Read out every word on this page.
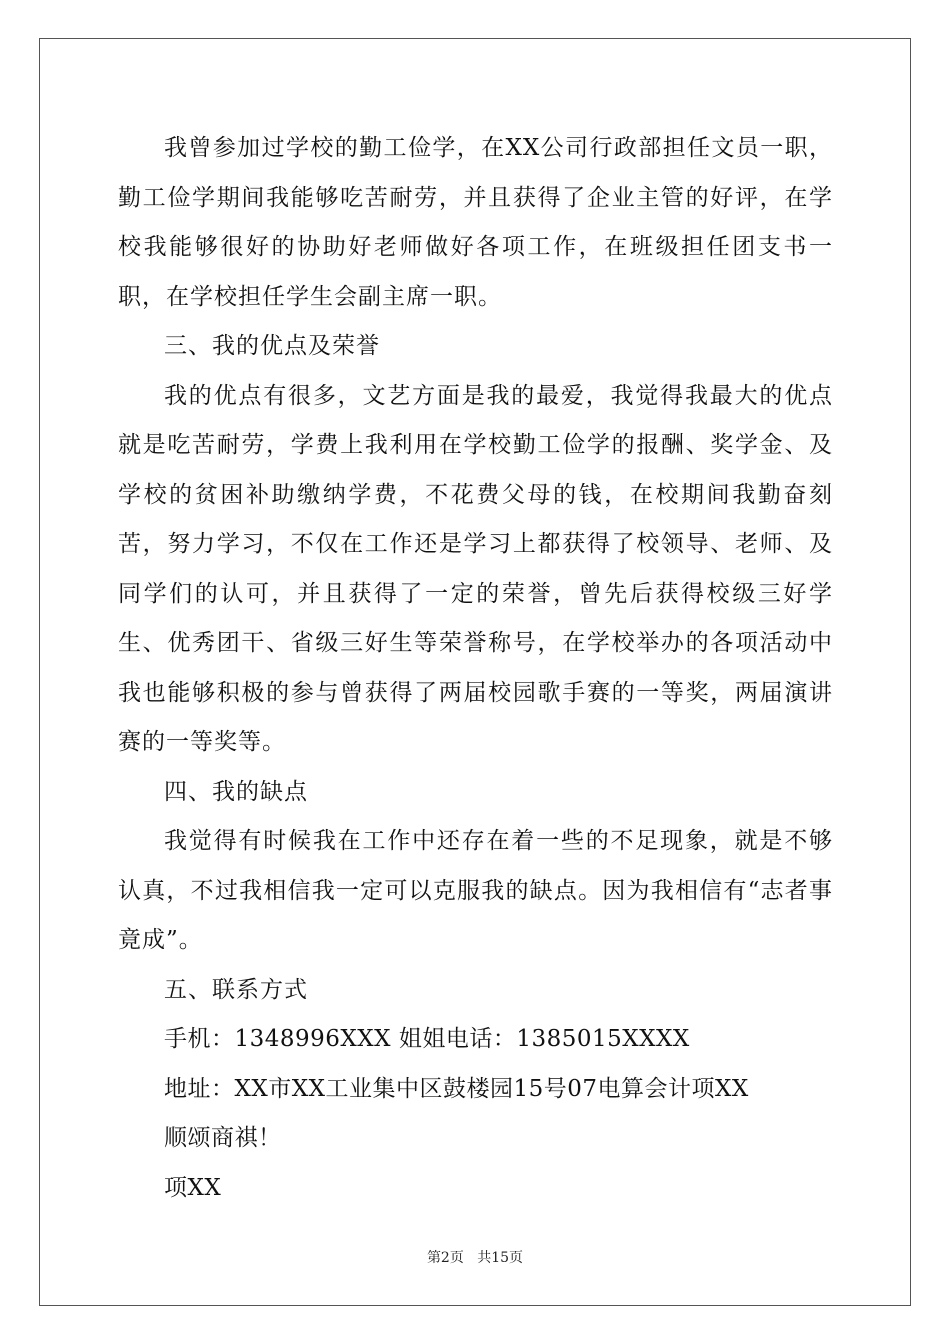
我曾参加过学校的勤工俭学，在XX公司行政部担任文员一职，勤工俭学期间我能够吃苦耐劳，并且获得了企业主管的好评，在学校我能够很好的协助好老师做好各项工作，在班级担任团支书一职，在学校担任学生会副主席一职。

三、我的优点及荣誉

我的优点有很多，文艺方面是我的最爱，我觉得我最大的优点就是吃苦耐劳，学费上我利用在学校勤工俭学的报酬、奖学金、及学校的贫困补助缴纳学费，不花费父母的钱，在校期间我勤奋刻苦，努力学习，不仅在工作还是学习上都获得了校领导、老师、及同学们的认可，并且获得了一定的荣誉，曾先后获得校级三好学生、优秀团干、省级三好生等荣誉称号，在学校举办的各项活动中我也能够积极的参与曾获得了两届校园歌手赛的一等奖，两届演讲赛的一等奖等。

四、我的缺点

我觉得有时候我在工作中还存在着一些的不足现象，就是不够认真，不过我相信我一定可以克服我的缺点。因为我相信有“志者事竟成”。

五、联系方式

手机：1348996XXX 姐姐电话：1385015XXXX

地址：XX市XX工业集中区鼓楼园15号07电算会计项XX

顺颂商祺！

项XX

第2页 共15页
